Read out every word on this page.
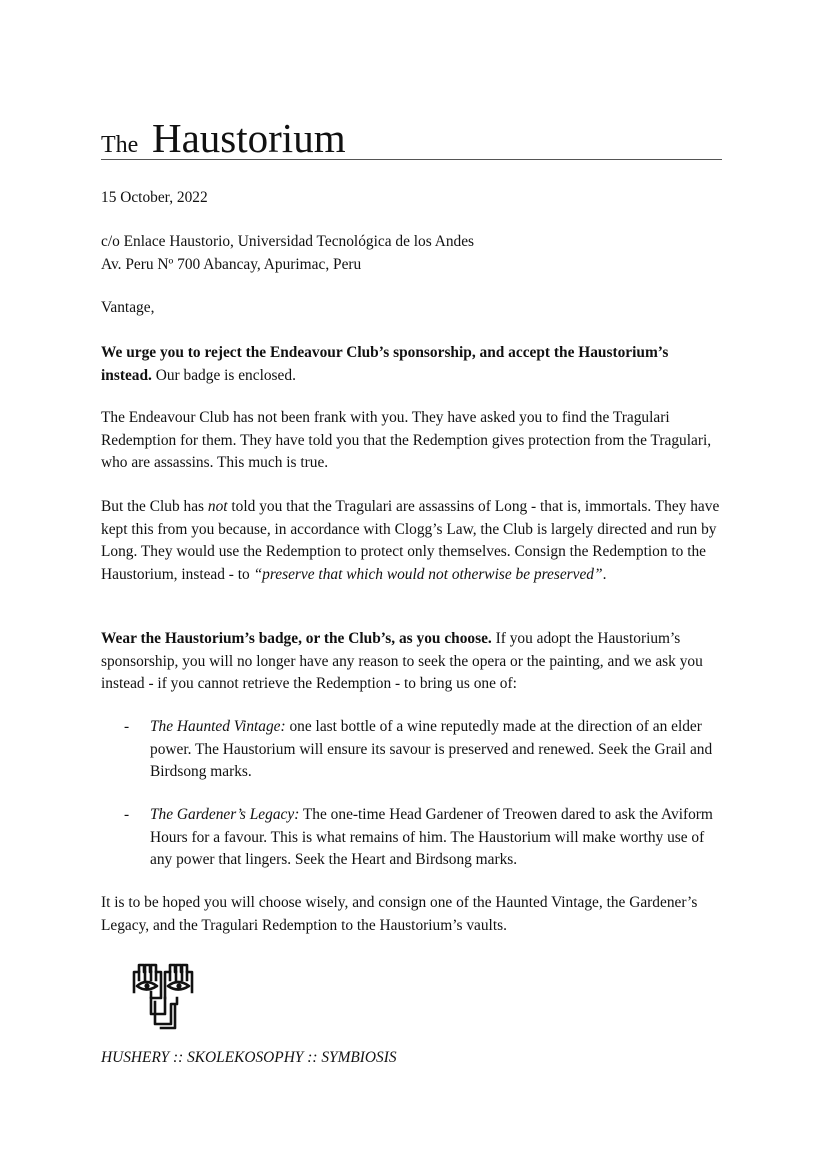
The Haustorium

15 October, 2022

c/o Enlace Haustorio, Universidad Tecnológica de los Andes
Av. Peru Nº 700 Abancay, Apurimac, Peru

Vantage,

We urge you to reject the Endeavour Club’s sponsorship, and accept the Haustorium’s instead. Our badge is enclosed.

The Endeavour Club has not been frank with you. They have asked you to find the Tragulari Redemption for them. They have told you that the Redemption gives protection from the Tragulari, who are assassins. This much is true.

But the Club has not told you that the Tragulari are assassins of Long - that is, immortals. They have kept this from you because, in accordance with Clogg’s Law, the Club is largely directed and run by Long. They would use the Redemption to protect only themselves. Consign the Redemption to the Haustorium, instead - to “preserve that which would not otherwise be preserved”.

Wear the Haustorium’s badge, or the Club’s, as you choose. If you adopt the Haustorium’s sponsorship, you will no longer have any reason to seek the opera or the painting, and we ask you instead - if you cannot retrieve the Redemption - to bring us one of:

- The Haunted Vintage: one last bottle of a wine reputedly made at the direction of an elder power. The Haustorium will ensure its savour is preserved and renewed. Seek the Grail and Birdsong marks.
- The Gardener’s Legacy: The one-time Head Gardener of Treowen dared to ask the Aviform Hours for a favour. This is what remains of him. The Haustorium will make worthy use of any power that lingers. Seek the Heart and Birdsong marks.

It is to be hoped you will choose wisely, and consign one of the Haunted Vintage, the Gardener’s Legacy, and the Tragulari Redemption to the Haustorium’s vaults.

HUSHERY :: SKOLEKOSOPHY :: SYMBIOSIS
